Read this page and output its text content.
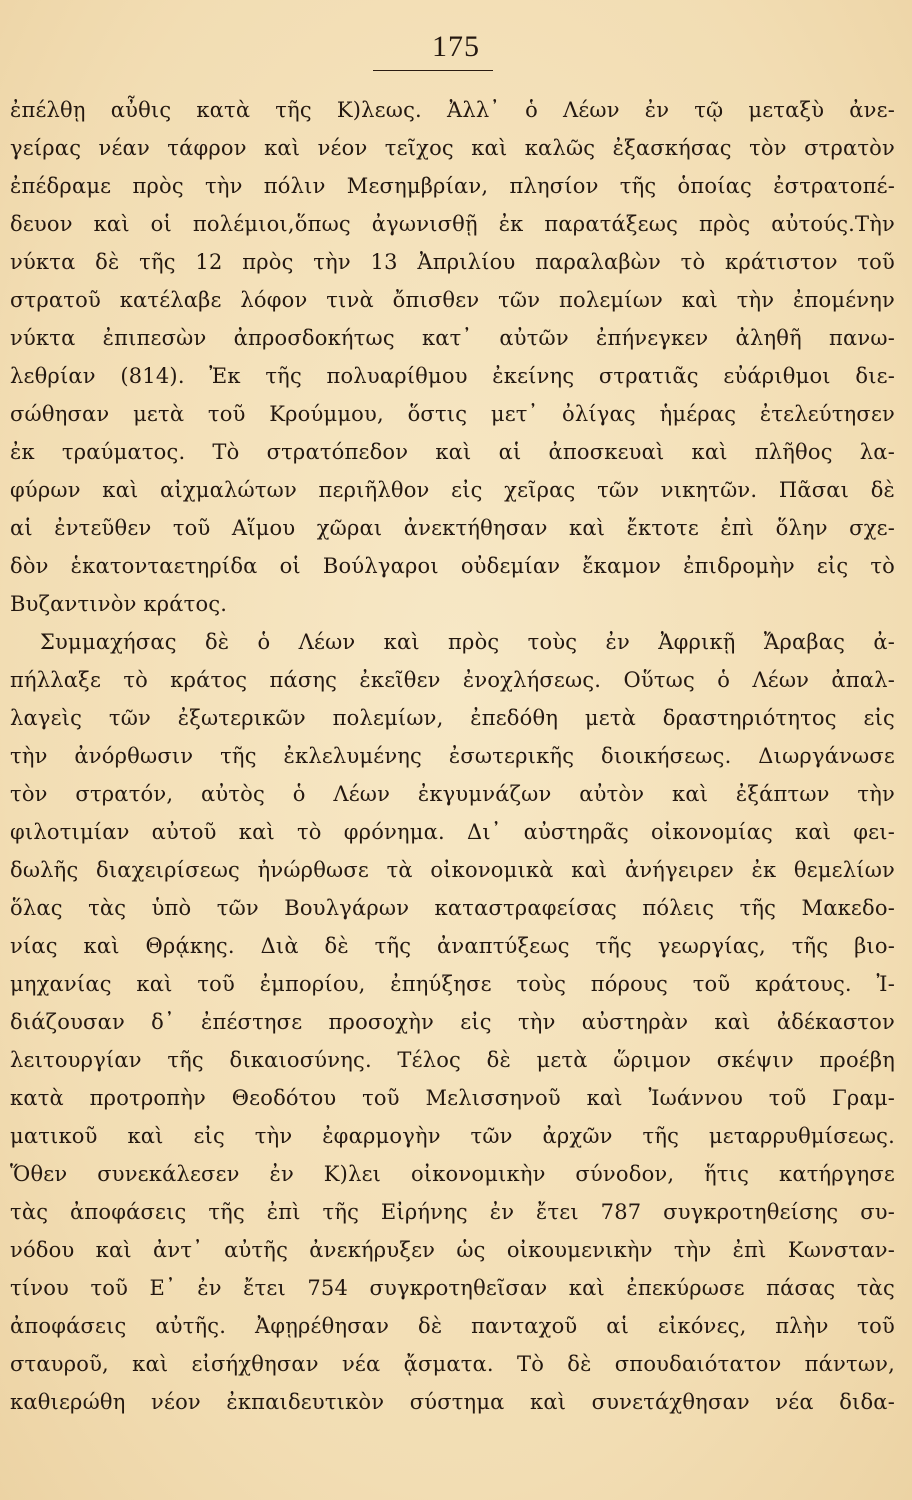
175
ἐπέλθῃ αὖθις κατὰ τῆς Κ)λεως. Ἀλλ᾽ ὁ Λέων ἐν τῷ μεταξὺ ἀνε-
γείρας νέαν τάφρον καὶ νέον τεῖχος καὶ καλῶς ἐξασκήσας τὸν στρατὸν
ἐπέδραμε πρὸς τὴν πόλιν Μεσημβρίαν, πλησίον τῆς ὁποίας ἐστρατοπέ-
δευον καὶ οἱ πολέμιοι,ὅπως ἀγωνισθῇ ἐκ παρατάξεως πρὸς αὐτούς.Τὴν
νύκτα δὲ τῆς 12 πρὸς τὴν 13 Ἀπριλίου παραλαβὼν τὸ κράτιστον τοῦ
στρατοῦ κατέλαβε λόφον τινὰ ὄπισθεν τῶν πολεμίων καὶ τὴν ἐπομένην
νύκτα ἐπιπεσὼν ἀπροσδοκήτως κατ᾽ αὐτῶν ἐπήνεγκεν ἀληθῆ πανω-
λεθρίαν (814). Ἐκ τῆς πολυαρίθμου ἐκείνης στρατιᾶς εὐάριθμοι διε-
σώθησαν μετὰ τοῦ Κρούμμου, ὅστις μετ᾽ ὀλίγας ἡμέρας ἐτελεύτησεν
ἐκ τραύματος. Τὸ στρατόπεδον καὶ αἱ ἀποσκευαὶ καὶ πλῆθος λα-
φύρων καὶ αἰχμαλώτων περιῆλθον εἰς χεῖρας τῶν νικητῶν. Πᾶσαι δὲ
αἱ ἐντεῦθεν τοῦ Αἵμου χῶραι ἀνεκτήθησαν καὶ ἔκτοτε ἐπὶ ὅλην σχε-
δὸν ἑκατονταετηρίδα οἱ Βούλγαροι οὐδεμίαν ἔκαμον ἐπιδρομὴν εἰς τὸ
Βυζαντινὸν κράτος.
Συμμαχήσας δὲ ὁ Λέων καὶ πρὸς τοὺς ἐν Ἀφρικῇ Ἄραβας ἀ-
πήλλαξε τὸ κράτος πάσης ἐκεῖθεν ἐνοχλήσεως. Οὕτως ὁ Λέων ἀπαλ-
λαγεὶς τῶν ἐξωτερικῶν πολεμίων, ἐπεδόθη μετὰ δραστηριότητος εἰς
τὴν ἀνόρθωσιν τῆς ἐκλελυμένης ἐσωτερικῆς διοικήσεως. Διωργάνωσε
τὸν στρατόν, αὐτὸς ὁ Λέων ἐκγυμνάζων αὐτὸν καὶ ἐξάπτων τὴν
φιλοτιμίαν αὐτοῦ καὶ τὸ φρόνημα. Δι᾽ αὐστηρᾶς οἰκονομίας καὶ φει-
δωλῆς διαχειρίσεως ἠνώρθωσε τὰ οἰκονομικὰ καὶ ἀνήγειρεν ἐκ θεμελίων
ὅλας τὰς ὑπὸ τῶν Βουλγάρων καταστραφείσας πόλεις τῆς Μακεδο-
νίας καὶ Θρᾴκης. Διὰ δὲ τῆς ἀναπτύξεως τῆς γεωργίας, τῆς βιο-
μηχανίας καὶ τοῦ ἐμπορίου, ἐπηύξησε τοὺς πόρους τοῦ κράτους. Ἰ-
διάζουσαν δ᾽ ἐπέστησε προσοχὴν εἰς τὴν αὐστηρὰν καὶ ἀδέκαστον
λειτουργίαν τῆς δικαιοσύνης. Τέλος δὲ μετὰ ὥριμον σκέψιν προέβη
κατὰ προτροπὴν Θεοδότου τοῦ Μελισσηνοῦ καὶ Ἰωάννου τοῦ Γραμ-
ματικοῦ καὶ εἰς τὴν ἐφαρμογὴν τῶν ἀρχῶν τῆς μεταρρυθμίσεως.
Ὅθεν συνεκάλεσεν ἐν Κ)λει οἰκονομικὴν σύνοδον, ἥτις κατήργησε
τὰς ἀποφάσεις τῆς ἐπὶ τῆς Εἰρήνης ἐν ἔτει 787 συγκροτηθείσης συ-
νόδου καὶ ἀντ᾽ αὐτῆς ἀνεκήρυξεν ὡς οἰκουμενικὴν τὴν ἐπὶ Κωνσταν-
τίνου τοῦ Ε᾽ ἐν ἔτει 754 συγκροτηθεῖσαν καὶ ἐπεκύρωσε πάσας τὰς
ἀποφάσεις αὐτῆς. Ἀφῃρέθησαν δὲ πανταχοῦ αἱ εἰκόνες, πλὴν τοῦ
σταυροῦ, καὶ εἰσήχθησαν νέα ᾄσματα. Τὸ δὲ σπουδαιότατον πάντων,
καθιερώθη νέον ἐκπαιδευτικὸν σύστημα καὶ συνετάχθησαν νέα διδα-
